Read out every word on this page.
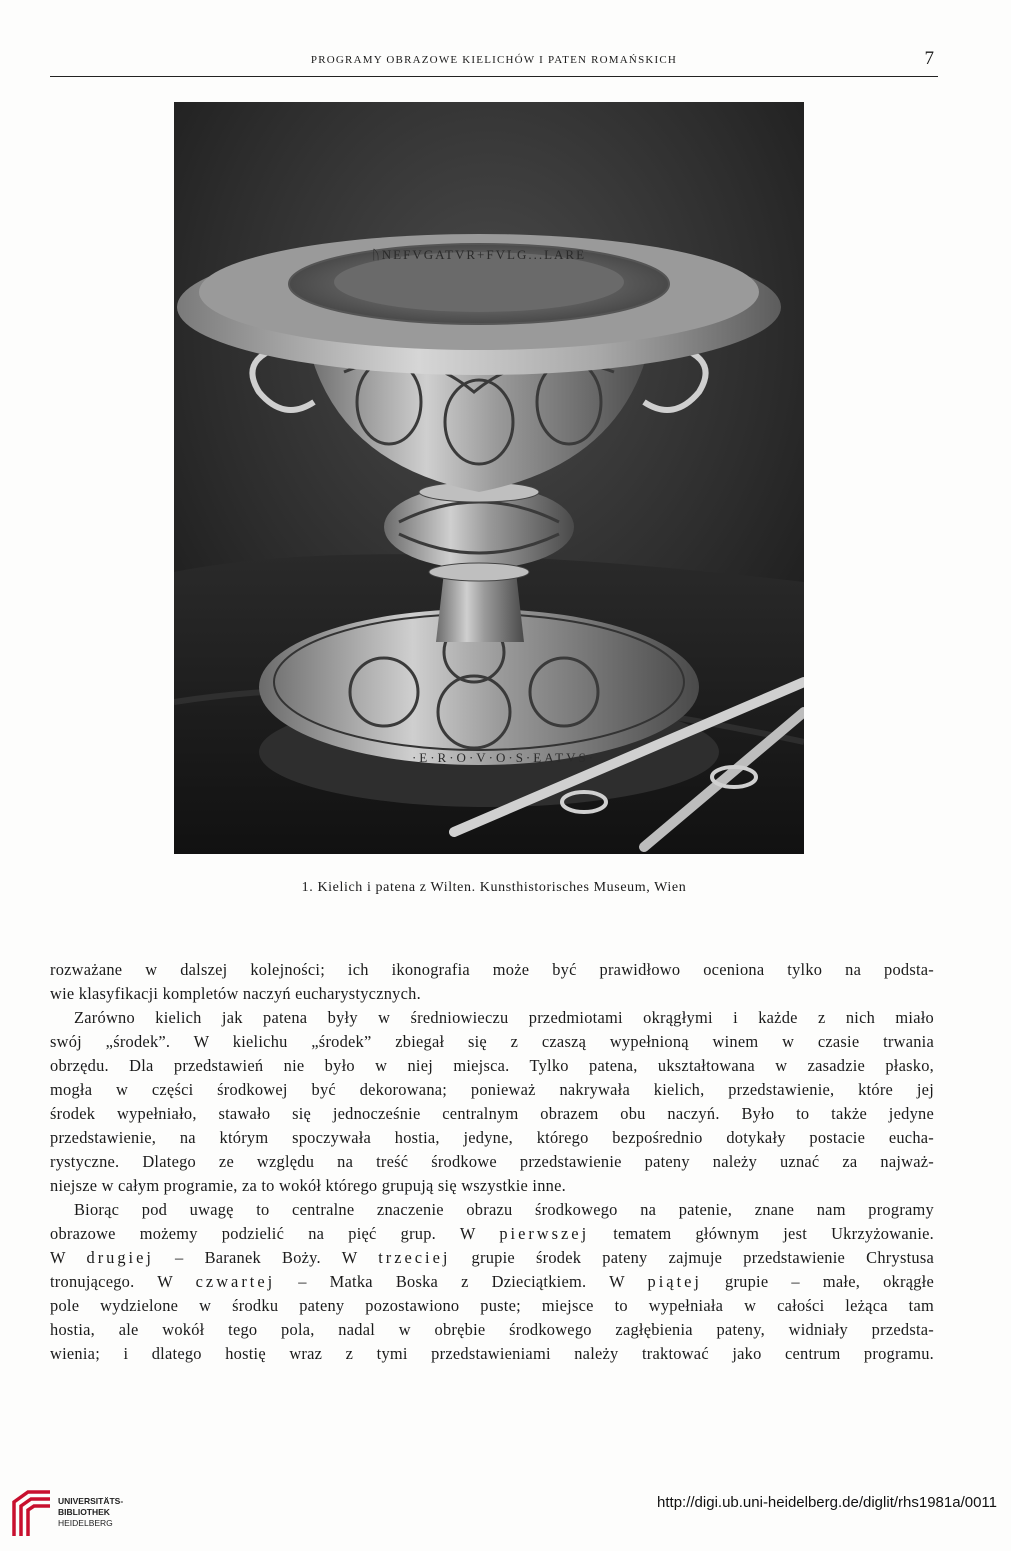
PROGRAMY OBRAZOWE KIELICHÓW I PATEN ROMAŃSKICH	7
ᚢNEFVGATVR+FVLG...LARE
·E·R·O·V·O·S·EATVS·
1. Kielich i patena z Wilten. Kunsthistorisches Museum, Wien

rozważane w dalszej kolejności; ich ikonografia może być prawidłowo oceniona tylko na podsta-

wie klasyfikacji kompletów naczyń eucharystycznych.

Zarówno kielich jak patena były w średniowieczu przedmiotami okrągłymi i każde z nich miało

swój „środek”. W kielichu „środek” zbiegał się z czaszą wypełnioną winem w czasie trwania

obrzędu. Dla przedstawień nie było w niej miejsca. Tylko patena, ukształtowana w zasadzie płasko,

mogła w części środkowej być dekorowana; ponieważ nakrywała kielich, przedstawienie, które jej

środek wypełniało, stawało się jednocześnie centralnym obrazem obu naczyń. Było to także jedyne

przedstawienie, na którym spoczywała hostia, jedyne, którego bezpośrednio dotykały postacie eucha-

rystyczne. Dlatego ze względu na treść środkowe przedstawienie pateny należy uznać za najważ-

niejsze w całym programie, za to wokół którego grupują się wszystkie inne.

Biorąc pod uwagę to centralne znaczenie obrazu środkowego na patenie, znane nam programy

obrazowe możemy podzielić na pięć grup. W pierwszej tematem głównym jest Ukrzyżowanie.

W drugiej – Baranek Boży. W trzeciej grupie środek pateny zajmuje przedstawienie Chrystusa

tronującego. W czwartej – Matka Boska z Dzieciątkiem. W piątej grupie – małe, okrągłe

pole wydzielone w środku pateny pozostawiono puste; miejsce to wypełniała w całości leżąca tam

hostia, ale wokół tego pola, nadal w obrębie środkowego zagłębienia pateny, widniały przedsta-

wienia; i dlatego hostię wraz z tymi przedstawieniami należy traktować jako centrum programu.

UNIVERSITÄTS-
BIBLIOTHEK
HEIDELBERG
http://digi.ub.uni-heidelberg.de/diglit/rhs1981a/0011
